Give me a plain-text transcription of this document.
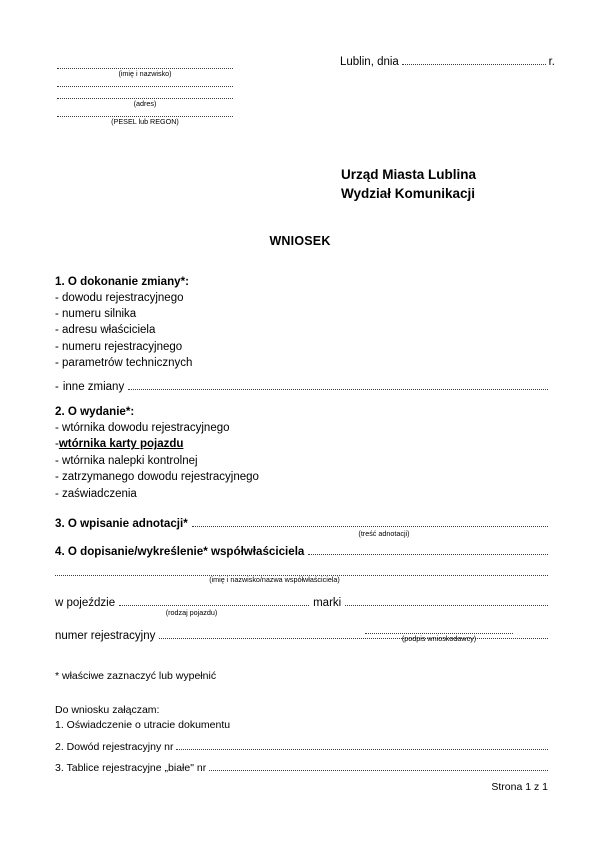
Lublin, dnia	r.
(imię i nazwisko)
(adres)
(PESEL lub REGON)
Urząd Miasta Lublina
Wydział Komunikacji
WNIOSEK
1. O dokonanie zmiany*:
- dowodu rejestracyjnego
- numeru silnika
- adresu właściciela
- numeru rejestracyjnego
- parametrów technicznych
- inne zmiany
2. O wydanie*:
- wtórnika dowodu rejestracyjnego
-wtórnika karty pojazdu
- wtórnika nalepki kontrolnej
- zatrzymanego dowodu rejestracyjnego
- zaświadczenia
3. O wpisanie adnotacji*
(treść adnotacji)
4. O dopisanie/wykreślenie* współwłaściciela
(imię i nazwisko/nazwa współwłaściciela)
w pojeździe	marki
(rodzaj pojazdu)
numer rejestracyjny	(podpis wnioskodawcy)
* właściwe zaznaczyć lub wypełnić
Do wniosku załączam:
1. Oświadczenie o utracie dokumentu
2. Dowód rejestracyjny nr
3. Tablice rejestracyjne „białe" nr
Strona 1 z 1
